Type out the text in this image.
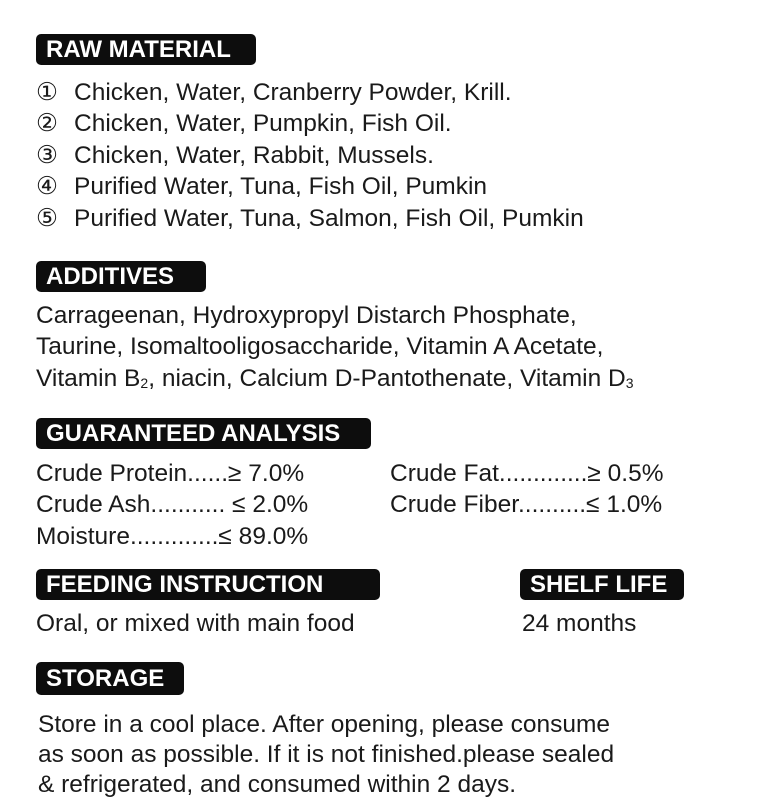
RAW MATERIAL
① Chicken, Water, Cranberry Powder, Krill.
② Chicken, Water, Pumpkin, Fish Oil.
③ Chicken, Water, Rabbit, Mussels.
④ Purified Water, Tuna, Fish Oil, Pumkin
⑤ Purified Water, Tuna, Salmon, Fish Oil, Pumkin
ADDITIVES
Carrageenan, Hydroxypropyl Distarch Phosphate,
Taurine, Isomaltooligosaccharide, Vitamin A Acetate,
Vitamin $B_2$, niacin, Calcium D-Pantothenate, Vitamin $D_3$
GUARANTEED ANALYSIS
Crude Protein......≥ 7.0%	Crude Fat.............≥ 0.5%
Crude Ash........... ≤ 2.0%	Crude Fiber..........≤ 1.0%
Moisture.............≤ 89.0%
FEEDING INSTRUCTION
Oral, or mixed with main food
SHELF LIFE
24 months
STORAGE
Store in a cool place. After opening, please consume
as soon as possible. If it is not finished.please sealed
& refrigerated, and consumed within 2 days.
